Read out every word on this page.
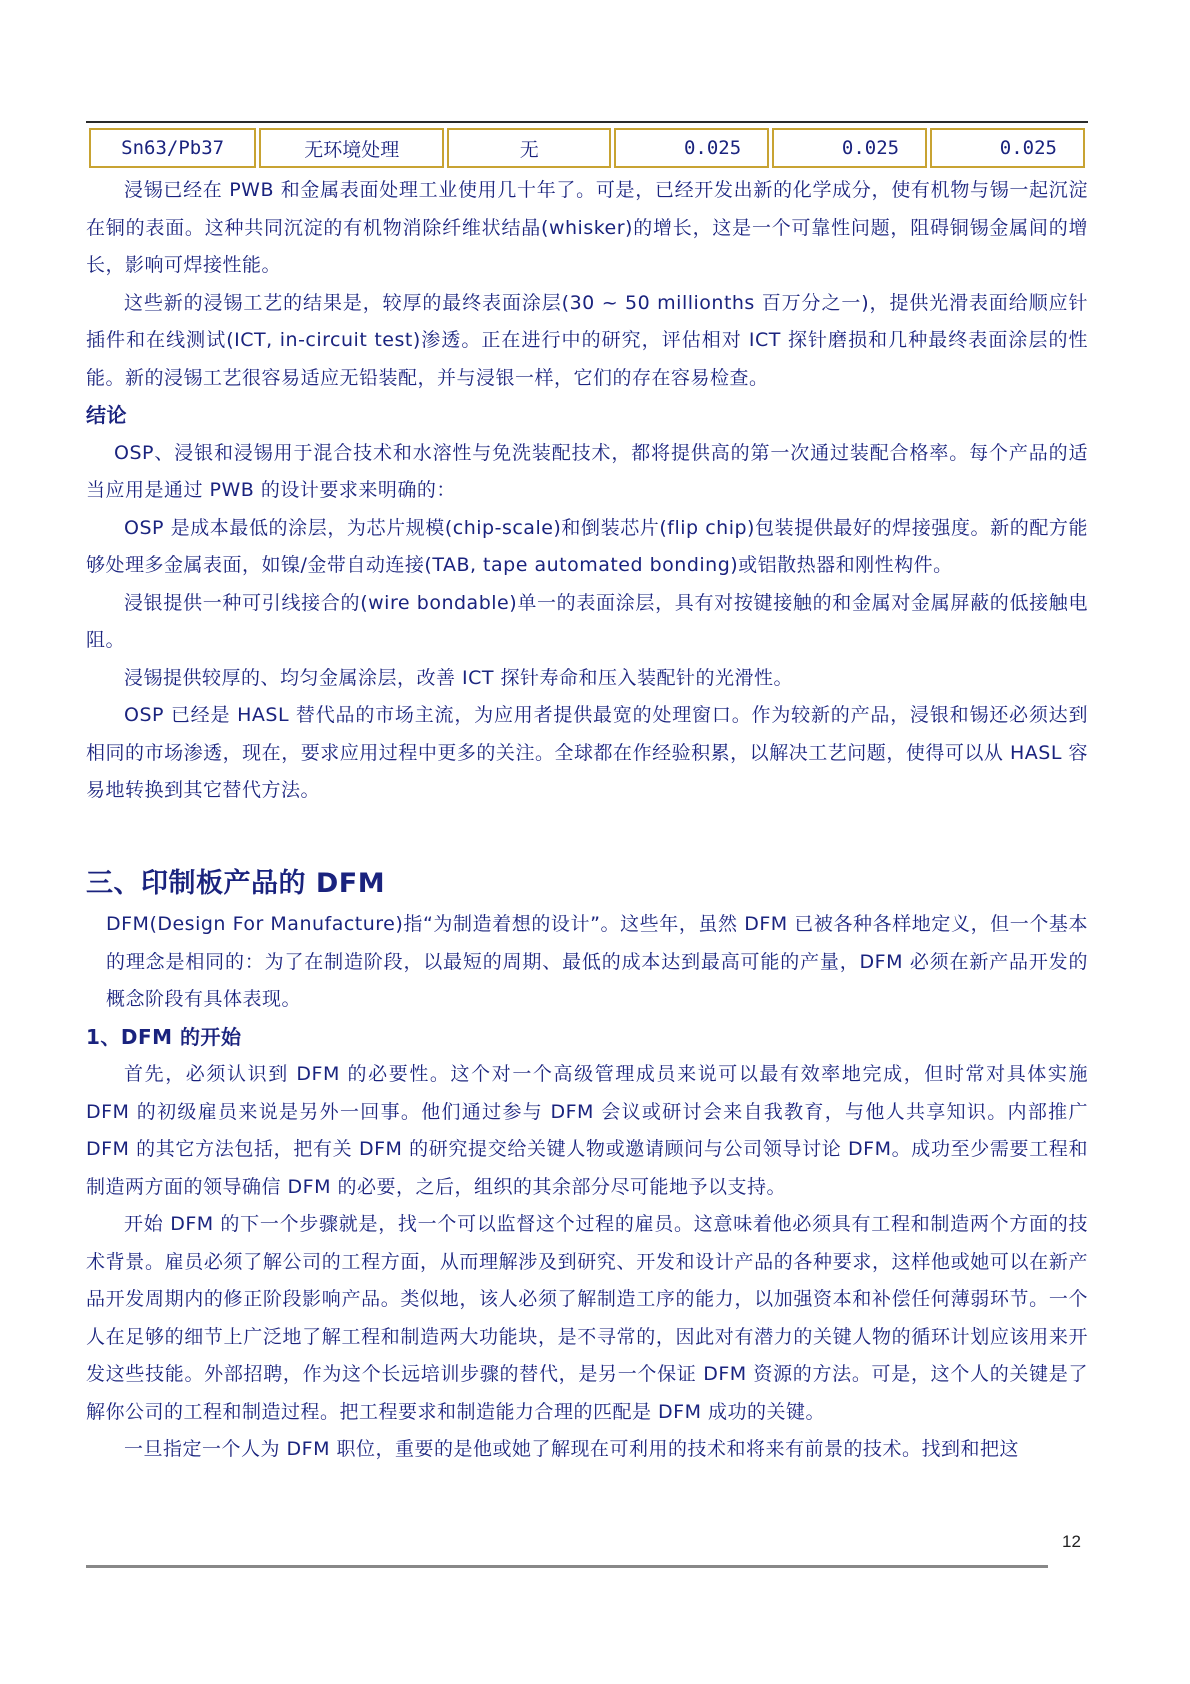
Sn63/Pb37	无环境处理	无	0.025	0.025	0.025

浸锡已经在 PWB 和金属表面处理工业使用几十年了。可是，已经开发出新的化学成分，使有机物与锡一起沉淀在铜的表面。这种共同沉淀的有机物消除纤维状结晶(whisker)的增长，这是一个可靠性问题，阻碍铜锡金属间的增长，影响可焊接性能。

这些新的浸锡工艺的结果是，较厚的最终表面涂层(30 ~ 50 millionths 百万分之一)，提供光滑表面给顺应针插件和在线测试(ICT, in-circuit test)渗透。正在进行中的研究，评估相对 ICT 探针磨损和几种最终表面涂层的性能。新的浸锡工艺很容易适应无铅装配，并与浸银一样，它们的存在容易检查。

结论

OSP、浸银和浸锡用于混合技术和水溶性与免洗装配技术，都将提供高的第一次通过装配合格率。每个产品的适当应用是通过 PWB 的设计要求来明确的：

OSP 是成本最低的涂层，为芯片规模(chip-scale)和倒装芯片(flip chip)包装提供最好的焊接强度。新的配方能够处理多金属表面，如镍/金带自动连接(TAB, tape automated bonding)或铝散热器和刚性构件。

浸银提供一种可引线接合的(wire bondable)单一的表面涂层，具有对按键接触的和金属对金属屏蔽的低接触电阻。

浸锡提供较厚的、均匀金属涂层，改善 ICT 探针寿命和压入装配针的光滑性。

OSP 已经是 HASL 替代品的市场主流，为应用者提供最宽的处理窗口。作为较新的产品，浸银和锡还必须达到相同的市场渗透，现在，要求应用过程中更多的关注。全球都在作经验积累，以解决工艺问题，使得可以从 HASL 容易地转换到其它替代方法。

三、印制板产品的 DFM

DFM(Design For Manufacture)指“为制造着想的设计”。这些年，虽然 DFM 已被各种各样地定义，但一个基本的理念是相同的：为了在制造阶段，以最短的周期、最低的成本达到最高可能的产量，DFM 必须在新产品开发的概念阶段有具体表现。

1、DFM 的开始

首先，必须认识到 DFM 的必要性。这个对一个高级管理成员来说可以最有效率地完成，但时常对具体实施 DFM 的初级雇员来说是另外一回事。他们通过参与 DFM 会议或研讨会来自我教育，与他人共享知识。内部推广 DFM 的其它方法包括，把有关 DFM 的研究提交给关键人物或邀请顾问与公司领导讨论 DFM。成功至少需要工程和制造两方面的领导确信 DFM 的必要，之后，组织的其余部分尽可能地予以支持。

开始 DFM 的下一个步骤就是，找一个可以监督这个过程的雇员。这意味着他必须具有工程和制造两个方面的技术背景。雇员必须了解公司的工程方面，从而理解涉及到研究、开发和设计产品的各种要求，这样他或她可以在新产品开发周期内的修正阶段影响产品。类似地，该人必须了解制造工序的能力，以加强资本和补偿任何薄弱环节。一个人在足够的细节上广泛地了解工程和制造两大功能块，是不寻常的，因此对有潜力的关键人物的循环计划应该用来开发这些技能。外部招聘，作为这个长远培训步骤的替代，是另一个保证 DFM 资源的方法。可是，这个人的关键是了解你公司的工程和制造过程。把工程要求和制造能力合理的匹配是 DFM 成功的关键。

一旦指定一个人为 DFM 职位，重要的是他或她了解现在可利用的技术和将来有前景的技术。找到和把这

12
